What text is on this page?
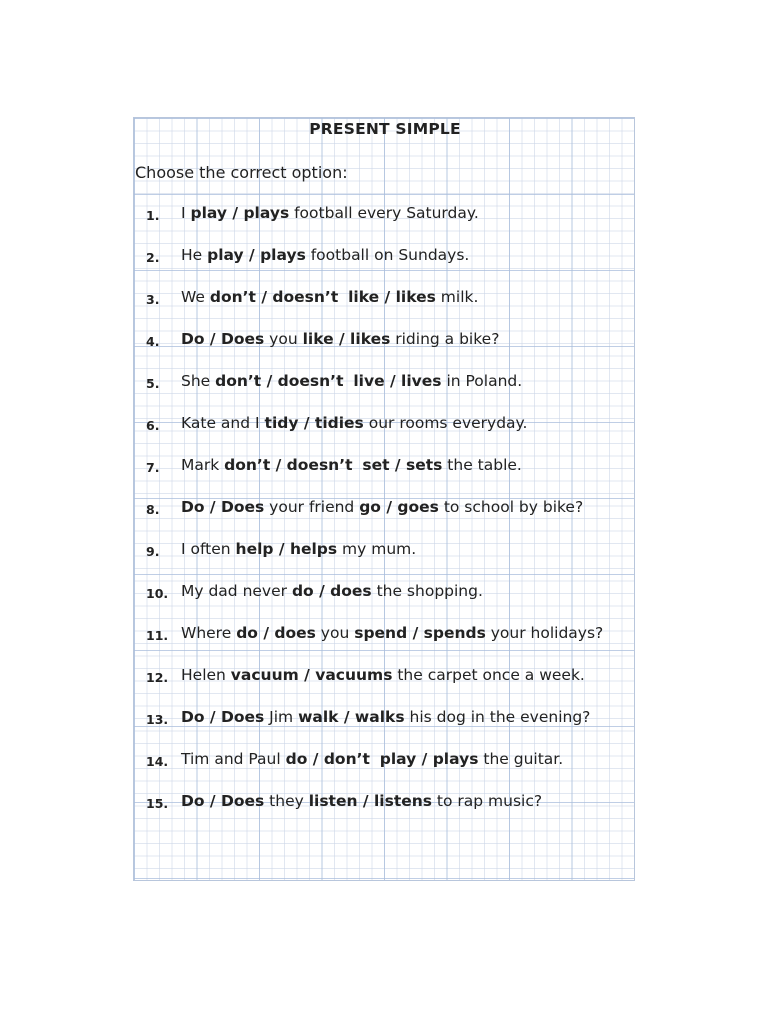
PRESENT SIMPLE
Choose the correct option:
1. I play / plays football every Saturday.
2. He play / plays football on Sundays.
3. We don’t / doesn’t like / likes milk.
4. Do / Does you like / likes riding a bike?
5. She don’t / doesn’t live / lives in Poland.
6. Kate and I tidy / tidies our rooms everyday.
7. Mark don’t / doesn’t set / sets the table.
8. Do / Does your friend go / goes to school by bike?
9. I often help / helps my mum.
10. My dad never do / does the shopping.
11. Where do / does you spend / spends your holidays?
12. Helen vacuum / vacuums the carpet once a week.
13. Do / Does Jim walk / walks his dog in the evening?
14. Tim and Paul do / don’t play / plays the guitar.
15. Do / Does they listen / listens to rap music?
